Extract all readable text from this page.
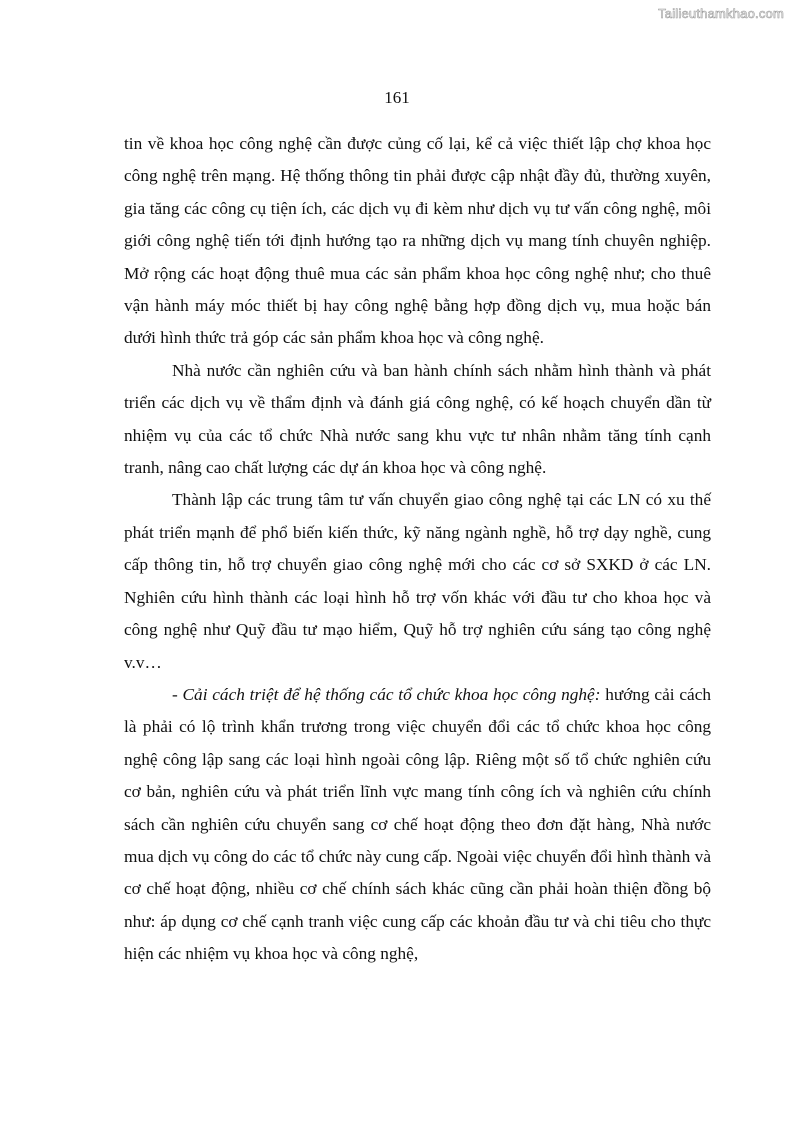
Tailieuthamkhao.com
161

tin về khoa học công nghệ cần được củng cố lại, kể cả việc thiết lập chợ khoa học công nghệ trên mạng. Hệ thống thông tin phải được cập nhật đầy đủ, thường xuyên, gia tăng các công cụ tiện ích, các dịch vụ đi kèm như dịch vụ tư vấn công nghệ, môi giới công nghệ tiến tới định hướng tạo ra những dịch vụ mang tính chuyên nghiệp. Mở rộng các hoạt động thuê mua các sản phẩm khoa học công nghệ như; cho thuê vận hành máy móc thiết bị hay công nghệ bằng hợp đồng dịch vụ, mua hoặc bán dưới hình thức trả góp các sản phẩm khoa học và công nghệ.

Nhà nước cần nghiên cứu và ban hành chính sách nhằm hình thành và phát triển các dịch vụ về thẩm định và đánh giá công nghệ, có kế hoạch chuyển dần từ nhiệm vụ của các tổ chức Nhà nước sang khu vực tư nhân nhằm tăng tính cạnh tranh, nâng cao chất lượng các dự án khoa học và công nghệ.

Thành lập các trung tâm tư vấn chuyển giao công nghệ tại các LN có xu thế phát triển mạnh để phổ biến kiến thức, kỹ năng ngành nghề, hỗ trợ dạy nghề, cung cấp thông tin, hỗ trợ chuyển giao công nghệ mới cho các cơ sở SXKD ở các LN. Nghiên cứu hình thành các loại hình hỗ trợ vốn khác với đầu tư cho khoa học và công nghệ như Quỹ đầu tư mạo hiểm, Quỹ hỗ trợ nghiên cứu sáng tạo công nghệ v.v…

- Cải cách triệt để hệ thống các tổ chức khoa học công nghệ: hướng cải cách là phải có lộ trình khẩn trương trong việc chuyển đổi các tổ chức khoa học công nghệ công lập sang các loại hình ngoài công lập. Riêng một số tổ chức nghiên cứu cơ bản, nghiên cứu và phát triển lĩnh vực mang tính công ích và nghiên cứu chính sách cần nghiên cứu chuyển sang cơ chế hoạt động theo đơn đặt hàng, Nhà nước mua dịch vụ công do các tổ chức này cung cấp. Ngoài việc chuyển đổi hình thành và cơ chế hoạt động, nhiều cơ chế chính sách khác cũng cần phải hoàn thiện đồng bộ như: áp dụng cơ chế cạnh tranh việc cung cấp các khoản đầu tư và chi tiêu cho thực hiện các nhiệm vụ khoa học và công nghệ,
